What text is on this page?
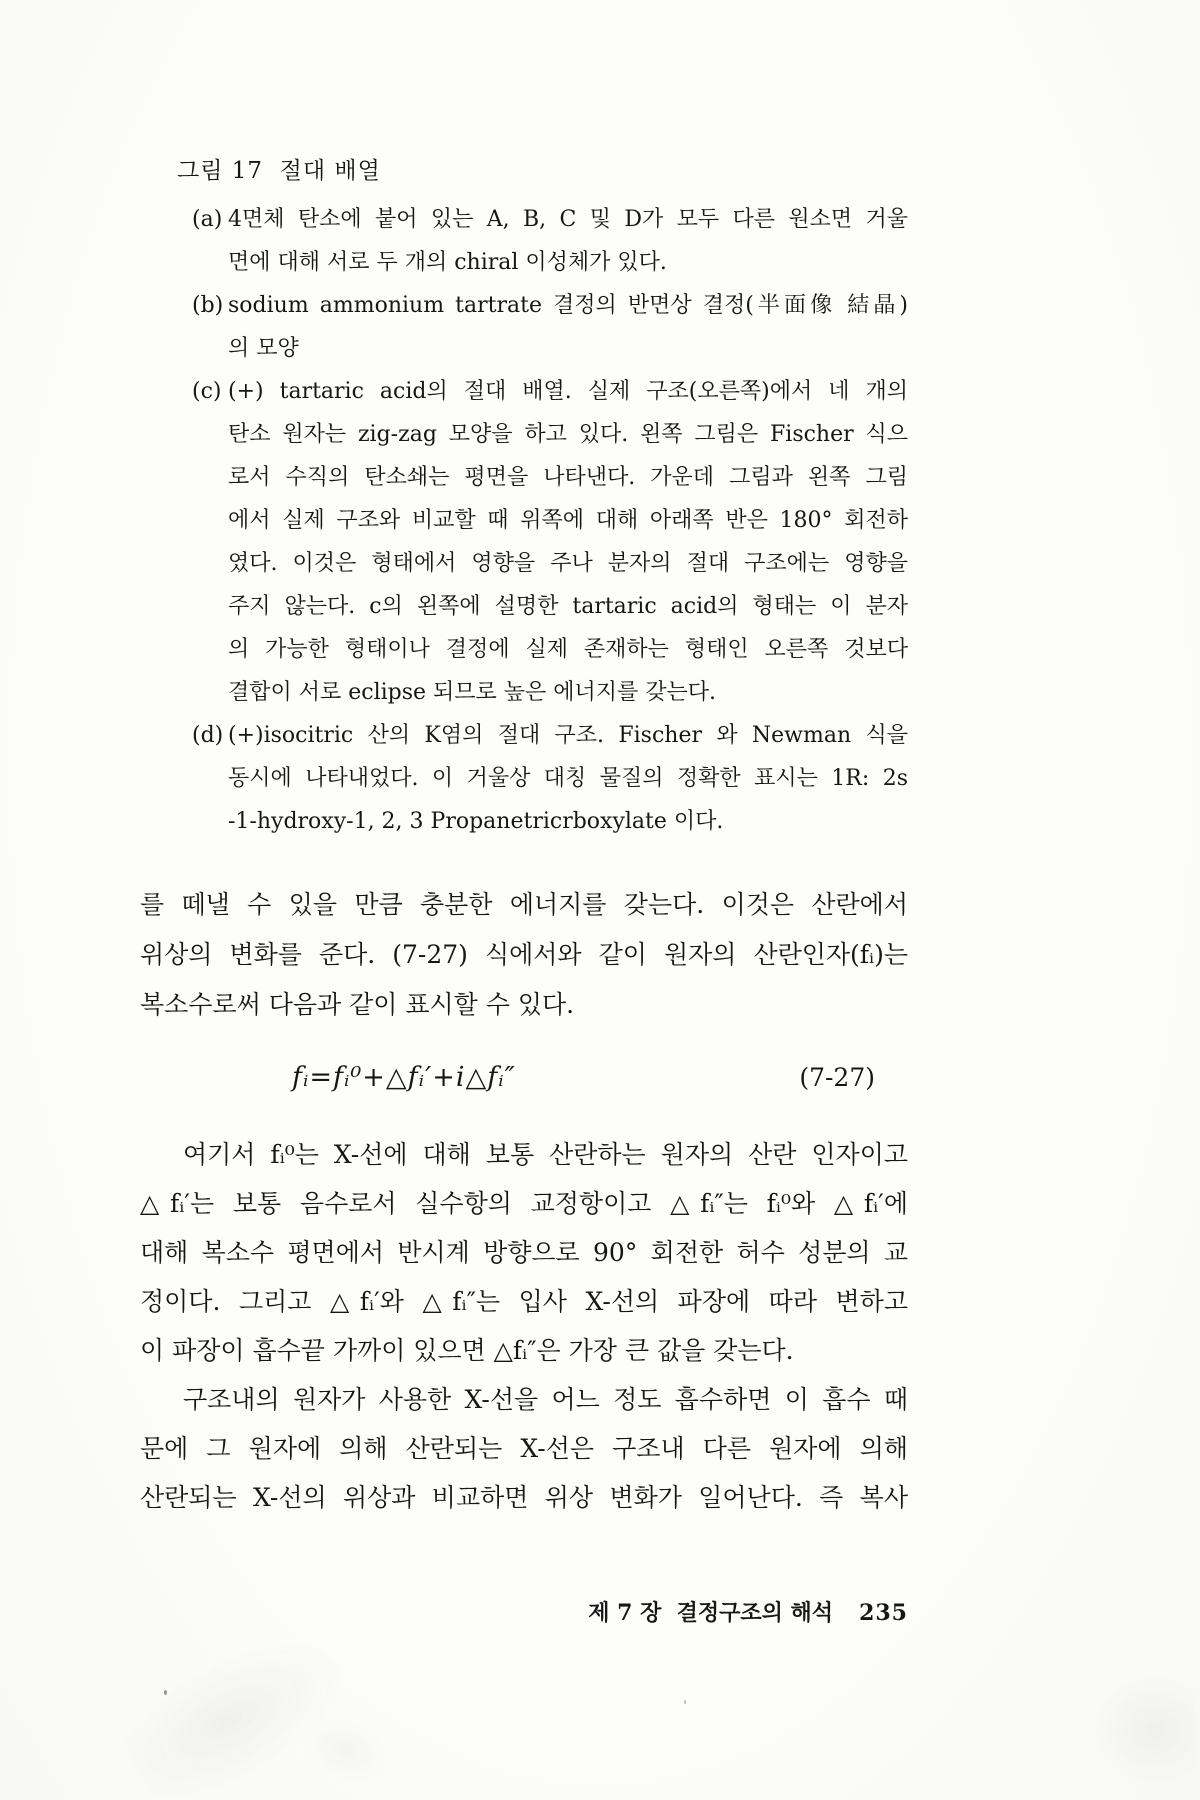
그림 17  절대 배열
(a) 4면체 탄소에 붙어 있는 A, B, C 및 D가 모두 다른 원소면 거울
면에 대해 서로 두 개의 chiral 이성체가 있다.
(b) sodium ammonium tartrate 결정의 반면상 결정(半面像 結晶)
의 모양
(c) (+) tartaric acid의 절대 배열. 실제 구조(오른쪽)에서 네 개의
탄소 원자는 zig-zag 모양을 하고 있다. 왼쪽 그림은 Fischer 식으
로서 수직의 탄소쇄는 평면을 나타낸다. 가운데 그림과 왼쪽 그림
에서 실제 구조와 비교할 때 위쪽에 대해 아래쪽 반은 180° 회전하
였다. 이것은 형태에서 영향을 주나 분자의 절대 구조에는 영향을
주지 않는다. c의 왼쪽에 설명한 tartaric acid의 형태는 이 분자
의 가능한 형태이나 결정에 실제 존재하는 형태인 오른쪽 것보다
결합이 서로 eclipse 되므로 높은 에너지를 갖는다.
(d) (+)isocitric 산의 K염의 절대 구조. Fischer 와 Newman 식을
동시에 나타내었다. 이 거울상 대칭 물질의 정확한 표시는 1R: 2s
-1-hydroxy-1, 2, 3 Propanetricrboxylate 이다.
를 떼낼 수 있을 만큼 충분한 에너지를 갖는다. 이것은 산란에서
위상의 변화를 준다. (7-27) 식에서와 같이 원자의 산란인자(fᵢ)는
복소수로써 다음과 같이 표시할 수 있다.
fᵢ=fᵢ⁰+△fᵢ′+i△fᵢ″	(7-27)
여기서 fᵢ⁰는 X-선에 대해 보통 산란하는 원자의 산란 인자이고
△fᵢ′는 보통 음수로서 실수항의 교정항이고 △fᵢ″는 fᵢ⁰와 △fᵢ′에
대해 복소수 평면에서 반시계 방향으로 90° 회전한 허수 성분의 교
정이다. 그리고 △fᵢ′와 △fᵢ″는 입사 X-선의 파장에 따라 변하고
이 파장이 흡수끝 가까이 있으면 △fᵢ″은 가장 큰 값을 갖는다.
구조내의 원자가 사용한 X-선을 어느 정도 흡수하면 이 흡수 때
문에 그 원자에 의해 산란되는 X-선은 구조내 다른 원자에 의해
산란되는 X-선의 위상과 비교하면 위상 변화가 일어난다. 즉 복사

제 7 장  결정구조의 해석 235
